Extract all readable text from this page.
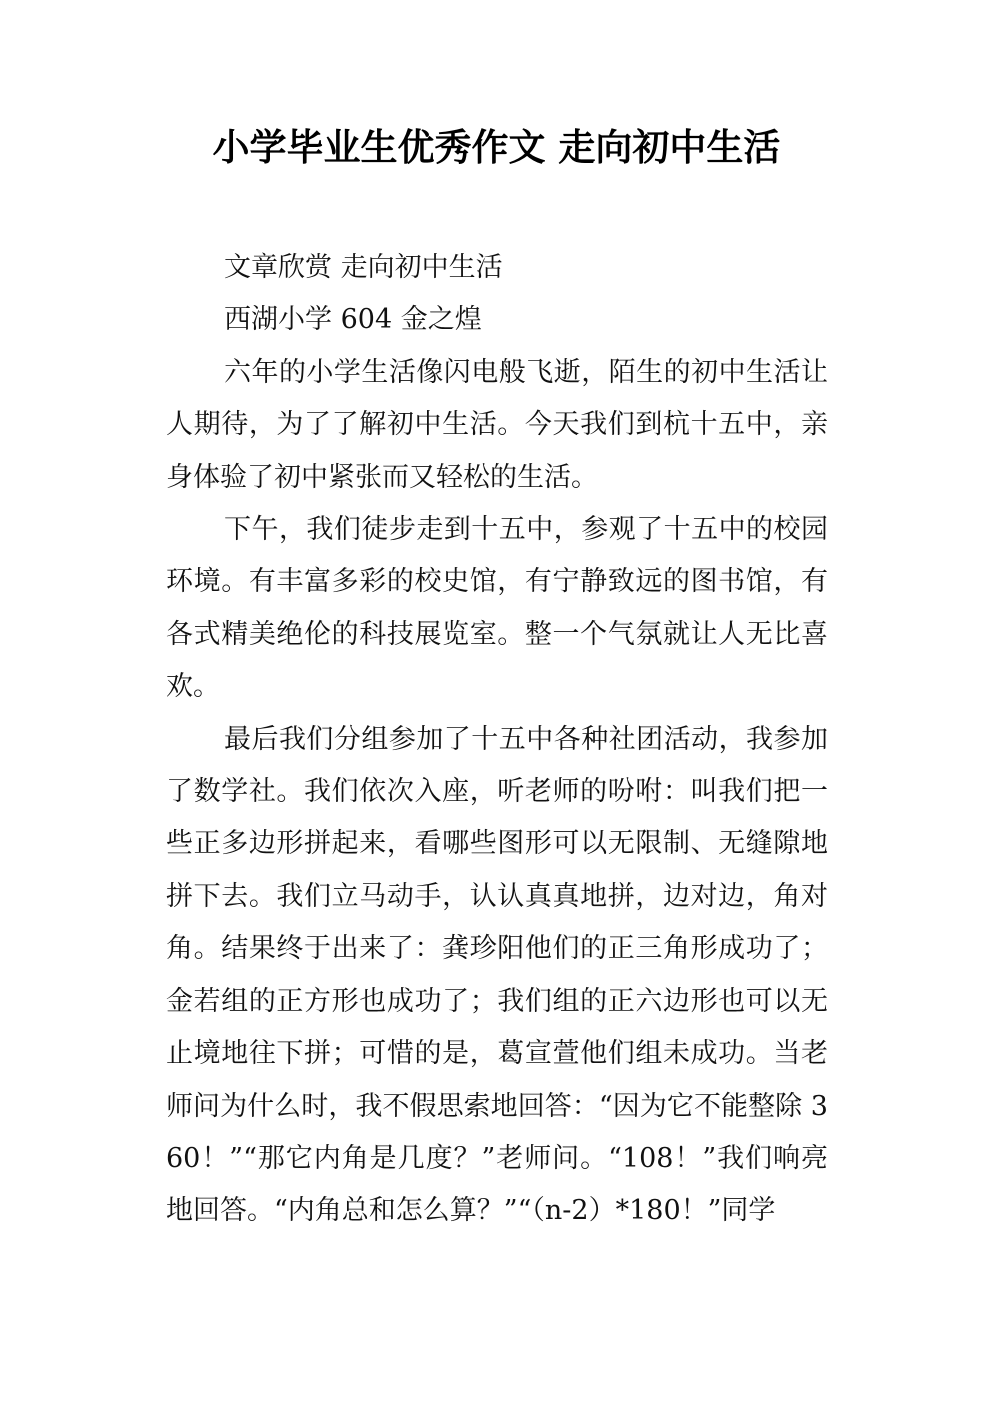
小学毕业生优秀作文 走向初中生活

文章欣赏 走向初中生活

西湖小学 604 金之煌

六年的小学生活像闪电般飞逝，陌生的初中生活让人期待，为了了解初中生活。今天我们到杭十五中，亲身体验了初中紧张而又轻松的生活。

下午，我们徒步走到十五中，参观了十五中的校园环境。有丰富多彩的校史馆，有宁静致远的图书馆，有各式精美绝伦的科技展览室。整一个气氛就让人无比喜欢。

最后我们分组参加了十五中各种社团活动，我参加了数学社。我们依次入座，听老师的吩咐：叫我们把一些正多边形拼起来，看哪些图形可以无限制、无缝隙地拼下去。我们立马动手，认认真真地拼，边对边，角对角。结果终于出来了：龚珍阳他们的正三角形成功了；金若组的正方形也成功了；我们组的正六边形也可以无止境地往下拼；可惜的是，葛宣萱他们组未成功。当老师问为什么时，我不假思索地回答：“因为它不能整除 360！”“那它内角是几度？”老师问。“108！”我们响亮地回答。“内角总和怎么算？”“（n-2）*180！”同学
